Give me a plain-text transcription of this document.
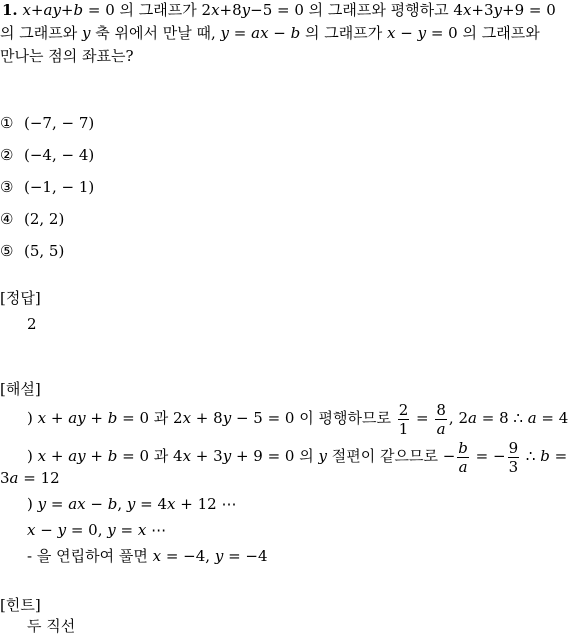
1. x+ay+b = 0 의 그래프가 2x+8y−5 = 0 의 그래프와 평행하고 4x+3y+9 = 0
의 그래프와 y 축 위에서 만날 때, y = ax − b 의 그래프가 x − y = 0 의 그래프와
만나는 점의 좌표는?
① (−7, − 7)
② (−4, − 4)
③ (−1, − 1)
④ (2, 2)
⑤ (5, 5)
[정답]
2
[해설]
) x + ay + b = 0 과 2x + 8y − 5 = 0 이 평행하므로 $\frac{2}{1} = \frac{8}{a}$ , 2a = 8 ∴ a = 4
) x + ay + b = 0 과 4x + 3y + 9 = 0 의 y 절편이 같으므로 − $\frac{b}{a}$ = − $\frac{9}{3}$ ∴ b =
3a = 12
) y = ax − b, y = 4x + 12 ⋯
x − y = 0, y = x ⋯
- 을 연립하여 풀면 x = −4, y = −4
[힌트]
두 직선
